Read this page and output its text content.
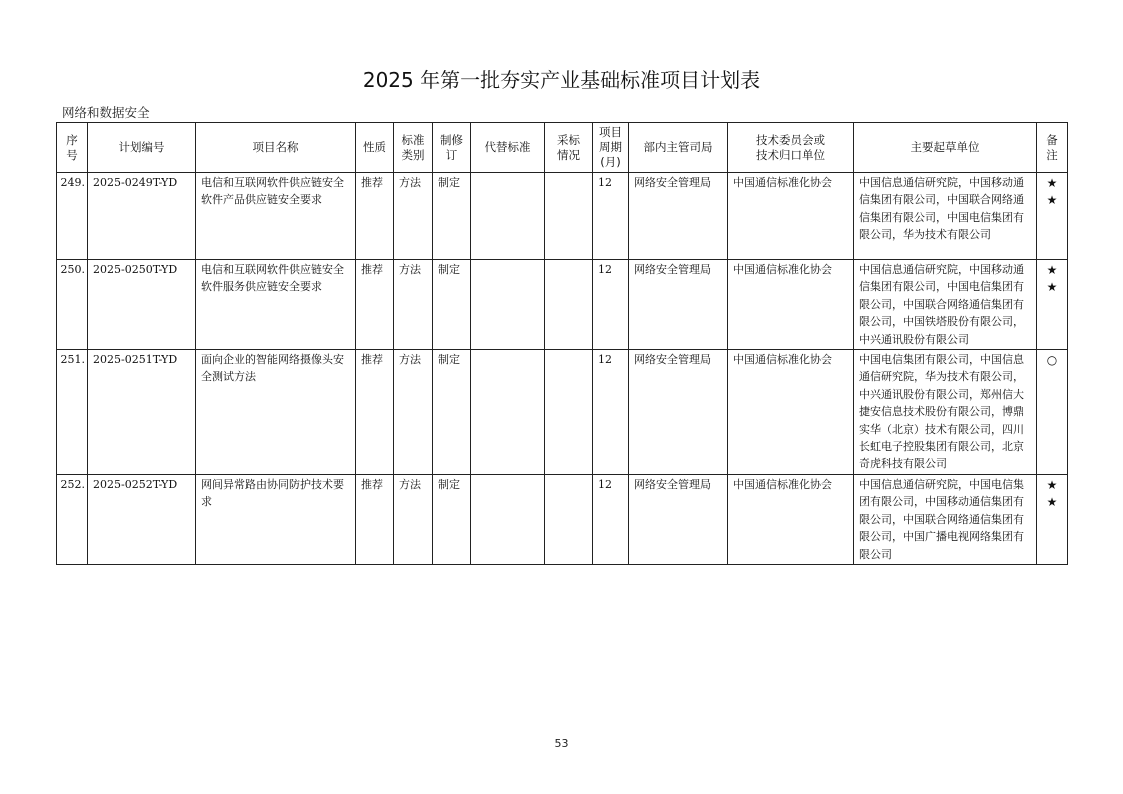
2025 年第一批夯实产业基础标准项目计划表
网络和数据安全
序号	计划编号	项目名称	性质	标准类别	制修订	代替标准	采标情况	项目周期(月)	部内主管司局	技术委员会或技术归口单位	主要起草单位	备注
249.	2025-0249T-YD	电信和互联网软件供应链安全 软件产品供应链安全要求	推荐	方法	制定			12	网络安全管理局	中国通信标准化协会	中国信息通信研究院，中国移动通信集团有限公司，中国联合网络通信集团有限公司，中国电信集团有限公司，华为技术有限公司	★ ★
250.	2025-0250T-YD	电信和互联网软件供应链安全 软件服务供应链安全要求	推荐	方法	制定			12	网络安全管理局	中国通信标准化协会	中国信息通信研究院，中国移动通信集团有限公司，中国电信集团有限公司，中国联合网络通信集团有限公司，中国铁塔股份有限公司，中兴通讯股份有限公司	★ ★
251.	2025-0251T-YD	面向企业的智能网络摄像头安全测试方法	推荐	方法	制定			12	网络安全管理局	中国通信标准化协会	中国电信集团有限公司，中国信息通信研究院，华为技术有限公司，中兴通讯股份有限公司，郑州信大捷安信息技术股份有限公司，博鼎实华（北京）技术有限公司，四川长虹电子控股集团有限公司，北京奇虎科技有限公司	○
252.	2025-0252T-YD	网间异常路由协同防护技术要求	推荐	方法	制定			12	网络安全管理局	中国通信标准化协会	中国信息通信研究院，中国电信集团有限公司，中国移动通信集团有限公司，中国联合网络通信集团有限公司，中国广播电视网络集团有限公司	★ ★
53
